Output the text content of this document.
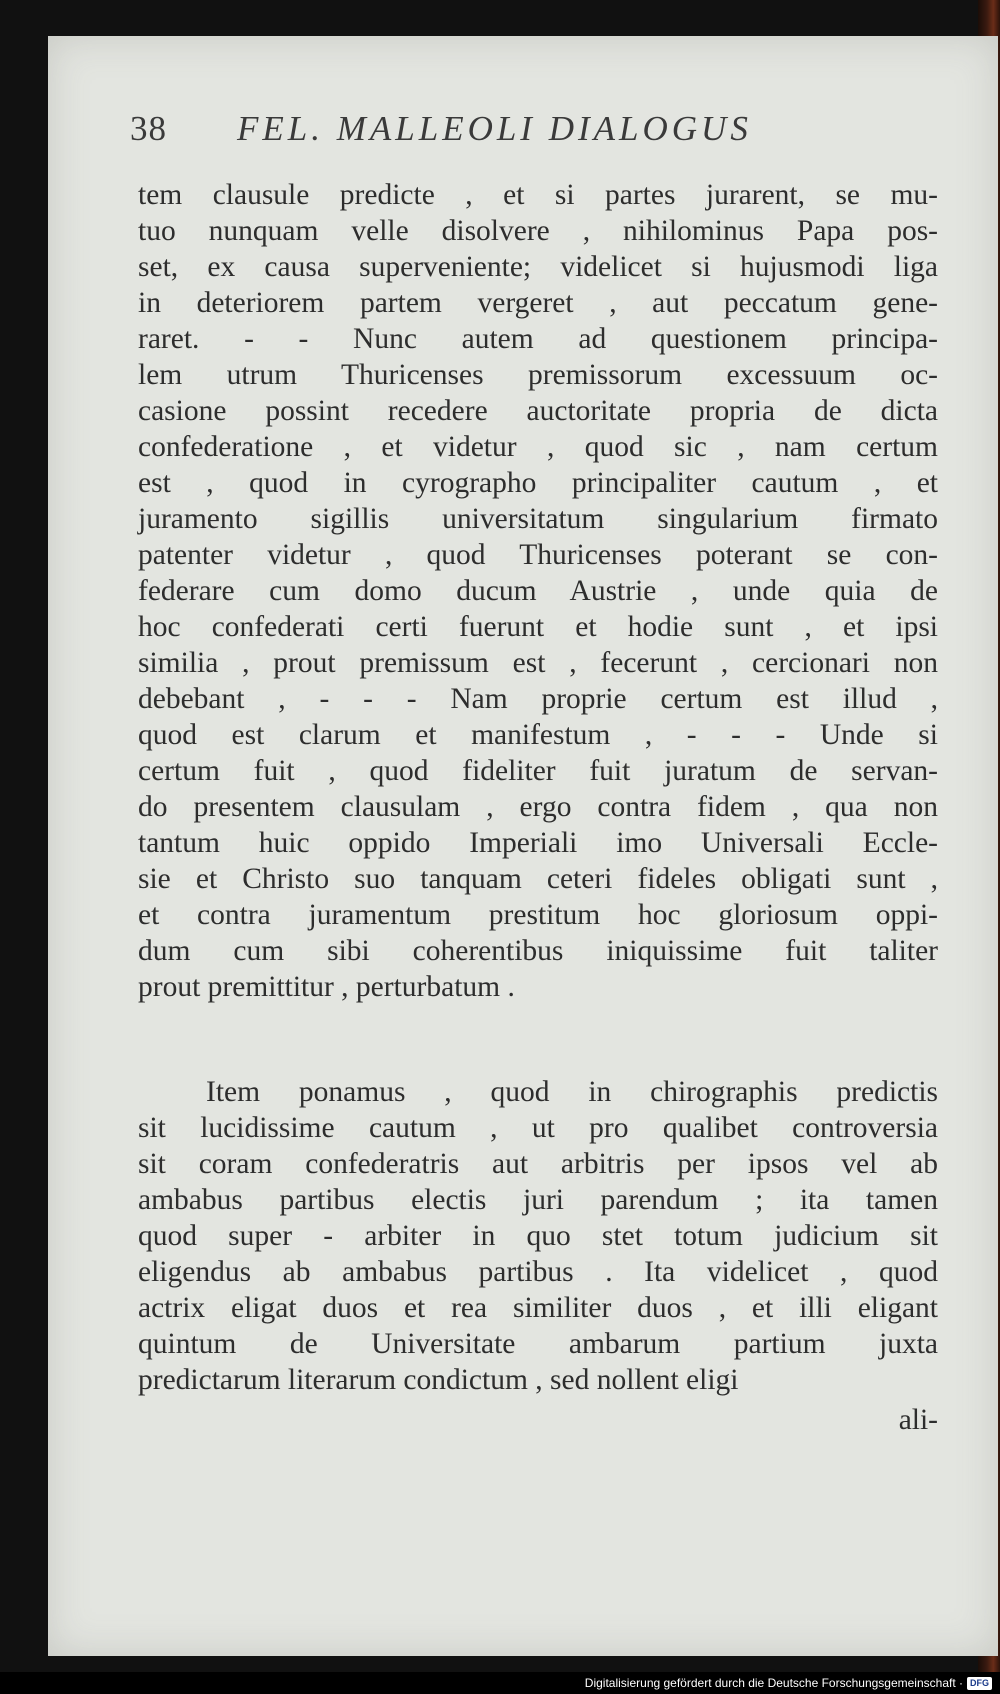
38 FEL. MALLEOLI DIALOGUS
tem clausule predicte , et si partes jurarent, se mu-
tuo nunquam velle disolvere , nihilominus Papa pos-
set, ex causa superveniente; videlicet si hujusmodi liga
in deteriorem partem vergeret , aut peccatum gene-
raret. - - Nunc autem ad questionem principa-
lem utrum Thuricenses premissorum excessuum oc-
casione possint recedere auctoritate propria de dicta
confederatione , et videtur , quod sic , nam certum
est , quod in cyrographo principaliter cautum , et
juramento sigillis universitatum singularium firmato
patenter videtur , quod Thuricenses poterant se con-
federare cum domo ducum Austrie , unde quia de
hoc confederati certi fuerunt et hodie sunt , et ipsi
similia , prout premissum est , fecerunt , cercionari non
debebant , - - - Nam proprie certum est illud ,
quod est clarum et manifestum , - - - Unde si
certum fuit , quod fideliter fuit juratum de servan-
do presentem clausulam , ergo contra fidem , qua non
tantum huic oppido Imperiali imo Universali Eccle-
sie et Christo suo tanquam ceteri fideles obligati sunt ,
et contra juramentum prestitum hoc gloriosum oppi-
dum cum sibi coherentibus iniquissime fuit taliter
prout premittitur , perturbatum .
Item ponamus , quod in chirographis predictis
sit lucidissime cautum , ut pro qualibet controversia
sit coram confederatris aut arbitris per ipsos vel ab
ambabus partibus electis juri parendum ; ita tamen
quod super - arbiter in quo stet totum judicium sit
eligendus ab ambabus partibus . Ita videlicet , quod
actrix eligat duos et rea similiter duos , et illi eligant
quintum de Universitate ambarum partium juxta
predictarum literarum condictum , sed nollent eligi
ali-
Digitalisierung gefördert durch die Deutsche Forschungsgemeinschaft · DFG
